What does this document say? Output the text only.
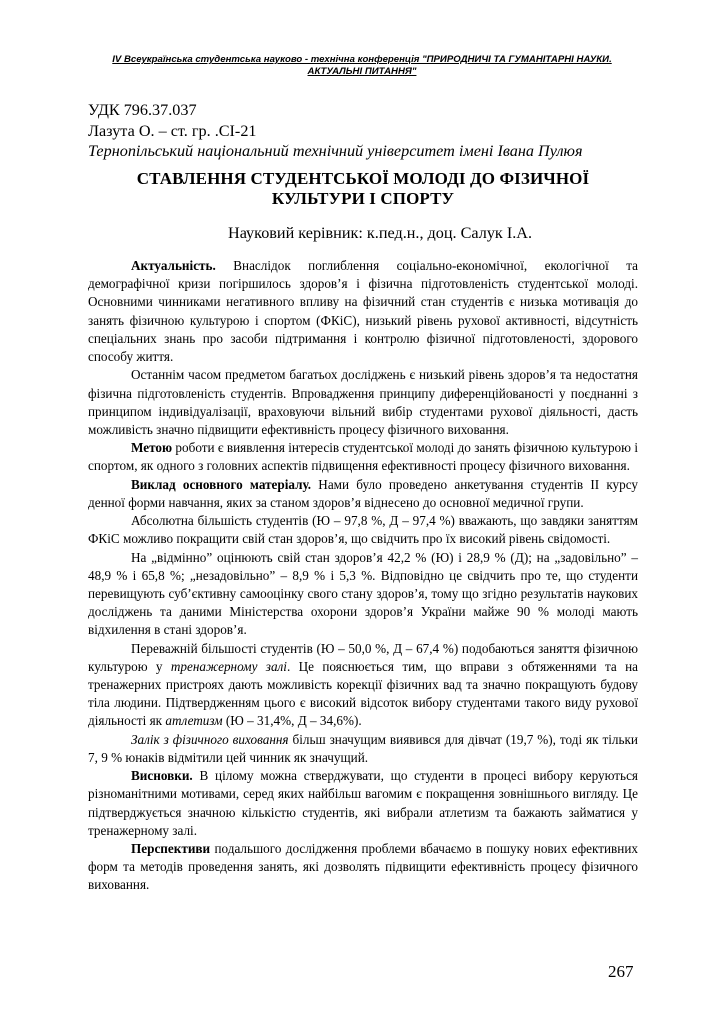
IV Всеукраїнська студентська науково - технічна конференція "ПРИРОДНИЧІ ТА ГУМАНІТАРНІ НАУКИ.
АКТУАЛЬНІ ПИТАННЯ"
УДК 796.37.037
Лазута О. – ст. гр. .СІ-21
Тернопільський національний технічний університет імені Івана Пулюя
СТАВЛЕННЯ СТУДЕНТСЬКОЇ МОЛОДІ ДО ФІЗИЧНОЇ
КУЛЬТУРИ І СПОРТУ
Науковий керівник: к.пед.н., доц. Салук І.А.

Актуальність. Внаслідок поглиблення соціально-економічної, екологічної та демографічної кризи погіршилось здоров’я і фізична підготовленість студентської молоді. Основними чинниками негативного впливу на фізичний стан студентів є низька мотивація до занять фізичною культурою і спортом (ФКіС), низький рівень рухової активності, відсутність спеціальних знань про засоби підтримання і контролю фізичної підготовленості, здорового способу життя.

Останнім часом предметом багатьох досліджень є низький рівень здоров’я та недостатня фізична підготовленість студентів. Впровадження принципу диференційованості у поєднанні з принципом індивідуалізації, враховуючи вільний вибір студентами рухової діяльності, дасть можливість значно підвищити ефективність процесу фізичного виховання.

Метою роботи є виявлення інтересів студентської молоді до занять фізичною культурою і спортом, як одного з головних аспектів підвищення ефективності процесу фізичного виховання.

Виклад основного матеріалу. Нами було проведено анкетування студентів ІІ курсу денної форми навчання, яких за станом здоров’я віднесено до основної медичної групи.

Абсолютна більшість студентів (Ю – 97,8 %, Д – 97,4 %) вважають, що завдяки заняттям ФКіС можливо покращити свій стан здоров’я, що свідчить про їх високий рівень свідомості.

На „відмінно” оцінюють свій стан здоров’я 42,2 % (Ю) і 28,9 % (Д); на „задовільно” – 48,9 % і 65,8 %; „незадовільно” – 8,9 % і 5,3 %. Відповідно це свідчить про те, що студенти перевищують суб’єктивну самооцінку свого стану здоров’я, тому що згідно результатів наукових досліджень та даними Міністерства охорони здоров’я України майже 90 % молоді мають відхилення в стані здоров’я.

Переважній більшості студентів (Ю – 50,0 %, Д – 67,4 %) подобаються заняття фізичною культурою у тренажерному залі. Це пояснюється тим, що вправи з обтяженнями та на тренажерних пристроях дають можливість корекції фізичних вад та значно покращують будову тіла людини. Підтвердженням цього є високий відсоток вибору студентами такого виду рухової діяльності як атлетизм (Ю – 31,4%, Д – 34,6%).

Залік з фізичного виховання більш значущим виявився для дівчат (19,7 %), тоді як тільки 7, 9 % юнаків відмітили цей чинник як значущий.

Висновки. В цілому можна стверджувати, що студенти в процесі вибору керуються різноманітними мотивами, серед яких найбільш вагомим є покращення зовнішнього вигляду. Це підтверджується значною кількістю студентів, які вибрали атлетизм та бажають займатися у тренажерному залі.

Перспективи подальшого дослідження проблеми вбачаємо в пошуку нових ефективних форм та методів проведення занять, які дозволять підвищити ефективність процесу фізичного виховання.

267
